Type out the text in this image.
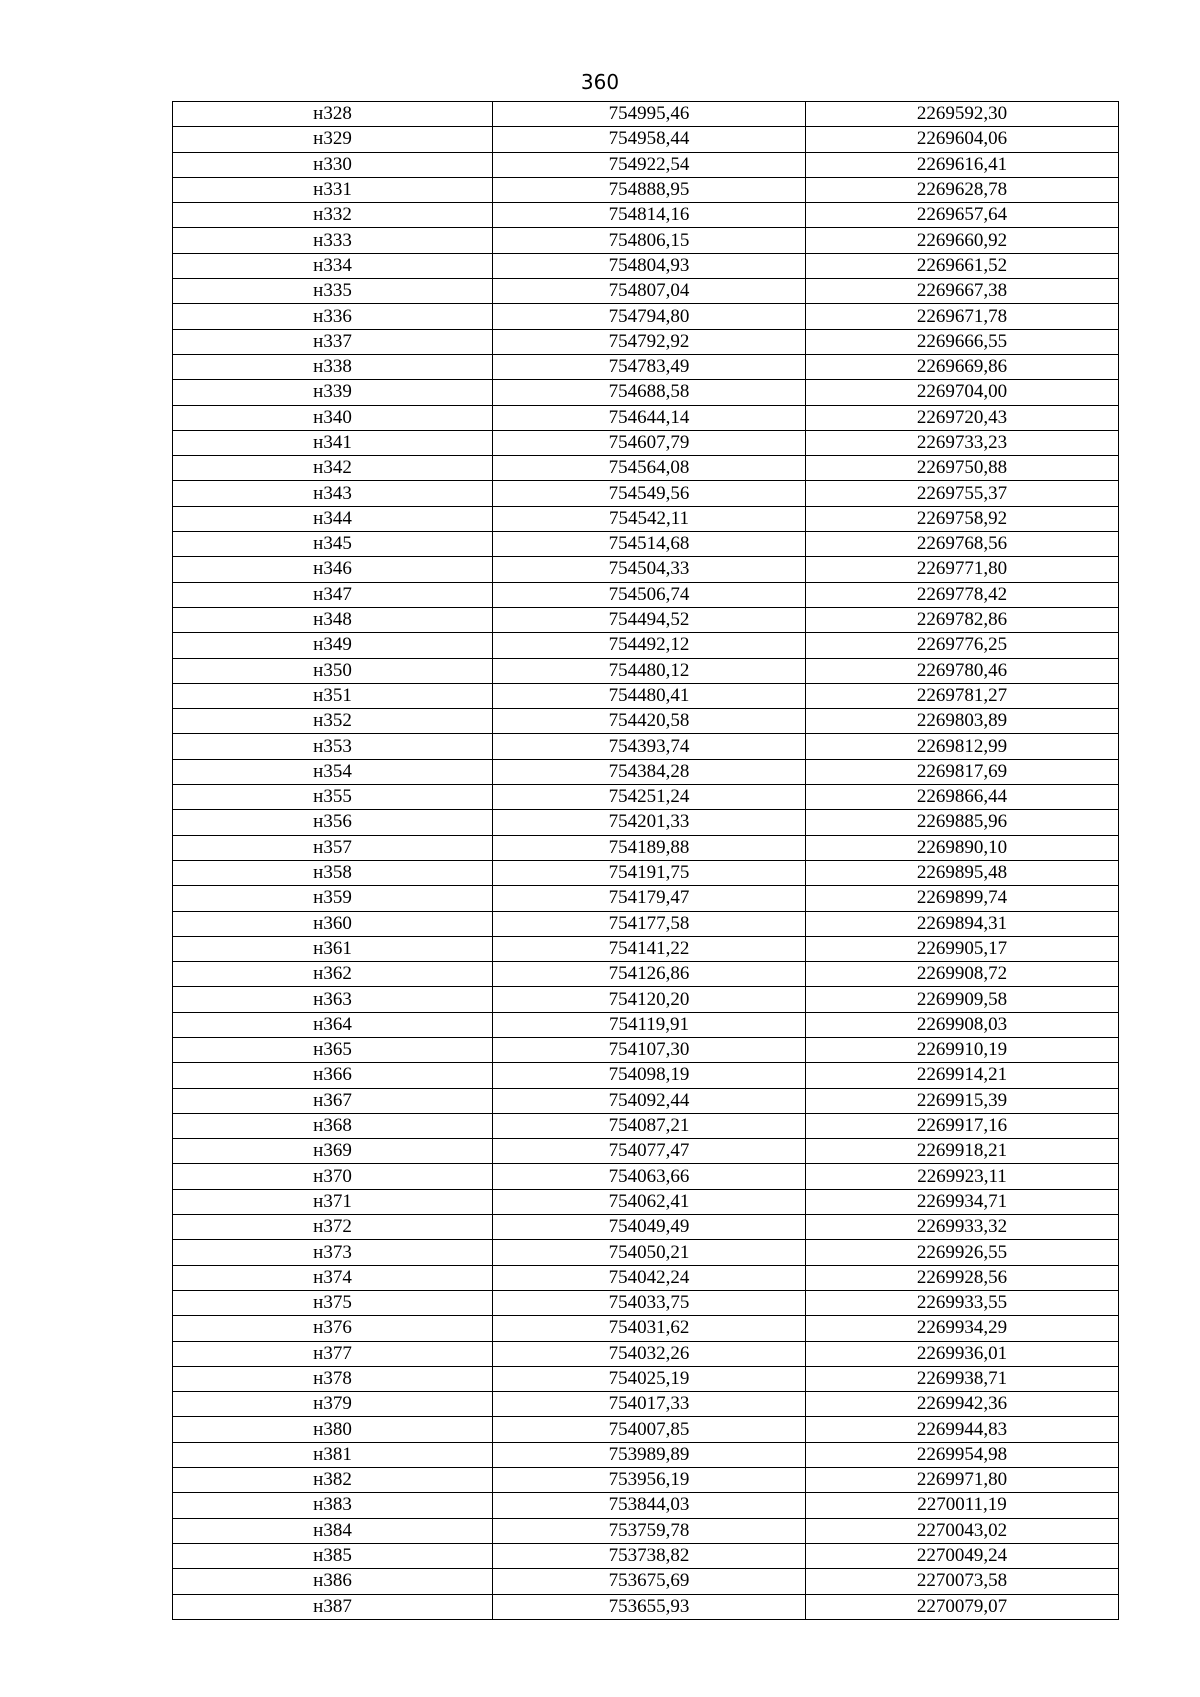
360
н328	754995,46	2269592,30
н329	754958,44	2269604,06
н330	754922,54	2269616,41
н331	754888,95	2269628,78
н332	754814,16	2269657,64
н333	754806,15	2269660,92
н334	754804,93	2269661,52
н335	754807,04	2269667,38
н336	754794,80	2269671,78
н337	754792,92	2269666,55
н338	754783,49	2269669,86
н339	754688,58	2269704,00
н340	754644,14	2269720,43
н341	754607,79	2269733,23
н342	754564,08	2269750,88
н343	754549,56	2269755,37
н344	754542,11	2269758,92
н345	754514,68	2269768,56
н346	754504,33	2269771,80
н347	754506,74	2269778,42
н348	754494,52	2269782,86
н349	754492,12	2269776,25
н350	754480,12	2269780,46
н351	754480,41	2269781,27
н352	754420,58	2269803,89
н353	754393,74	2269812,99
н354	754384,28	2269817,69
н355	754251,24	2269866,44
н356	754201,33	2269885,96
н357	754189,88	2269890,10
н358	754191,75	2269895,48
н359	754179,47	2269899,74
н360	754177,58	2269894,31
н361	754141,22	2269905,17
н362	754126,86	2269908,72
н363	754120,20	2269909,58
н364	754119,91	2269908,03
н365	754107,30	2269910,19
н366	754098,19	2269914,21
н367	754092,44	2269915,39
н368	754087,21	2269917,16
н369	754077,47	2269918,21
н370	754063,66	2269923,11
н371	754062,41	2269934,71
н372	754049,49	2269933,32
н373	754050,21	2269926,55
н374	754042,24	2269928,56
н375	754033,75	2269933,55
н376	754031,62	2269934,29
н377	754032,26	2269936,01
н378	754025,19	2269938,71
н379	754017,33	2269942,36
н380	754007,85	2269944,83
н381	753989,89	2269954,98
н382	753956,19	2269971,80
н383	753844,03	2270011,19
н384	753759,78	2270043,02
н385	753738,82	2270049,24
н386	753675,69	2270073,58
н387	753655,93	2270079,07
